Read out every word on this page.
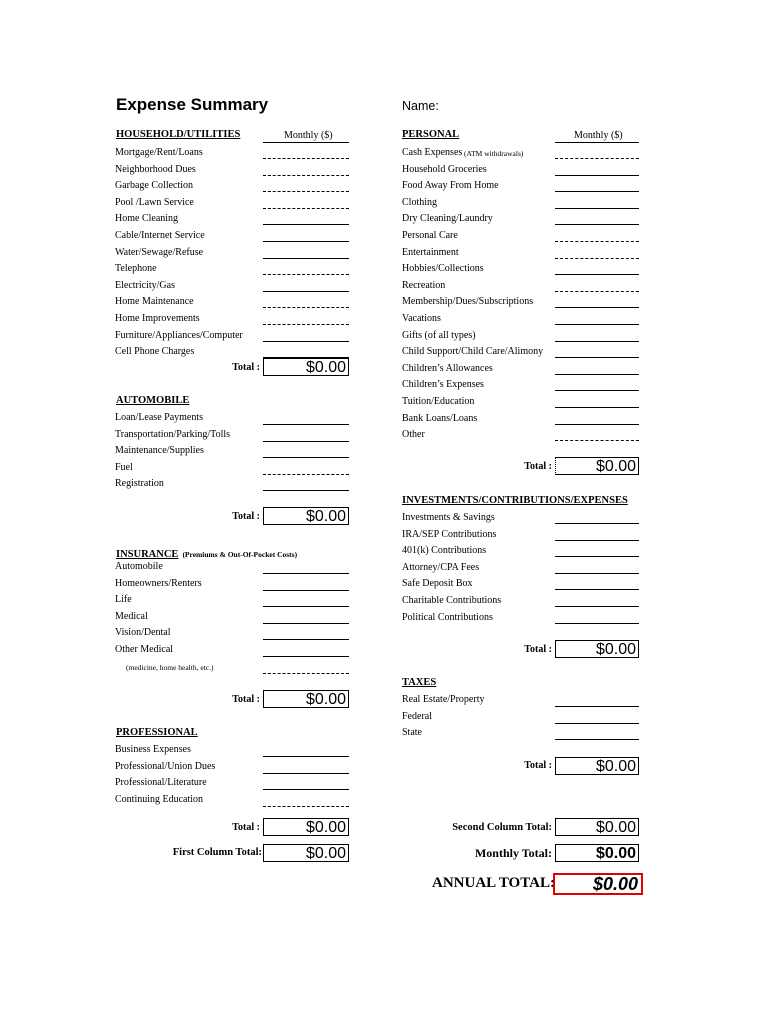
Expense Summary	Name:
HOUSEHOLD/UTILITIES	Monthly ($)
Mortgage/Rent/Loans
Neighborhood Dues
Garbage Collection
Pool /Lawn Service
Home Cleaning
Cable/Internet Service
Water/Sewage/Refuse
Telephone
Electricity/Gas
Home Maintenance
Home Improvements
Furniture/Appliances/Computer
Cell Phone Charges
Total :	$0.00
AUTOMOBILE
Loan/Lease Payments
Transportation/Parking/Tolls
Maintenance/Supplies
Fuel
Registration
Total :	$0.00
INSURANCE (Premiums & Out-Of-Pocket Costs)
Automobile
Homeowners/Renters
Life
Medical
Vision/Dental
Other Medical
(medicine, home health, etc.)
Total :	$0.00
PROFESSIONAL
Business Expenses
Professional/Union Dues
Professional/Literature
Continuing Education
Total :	$0.00
First Column Total:	$0.00
PERSONAL	Monthly ($)
Cash Expenses
Household Groceries
Food Away From Home
Clothing
Dry Cleaning/Laundry
Personal Care
Entertainment
Hobbies/Collections
Recreation
Membership/Dues/Subscriptions
Vacations
Gifts (of all types)
Child Support/Child Care/Alimony
Children’s Allowances
Children’s Expenses
Tuition/Education
Bank Loans/Loans
Other
(ATM withdrawals)
Total :	$0.00
INVESTMENTS/CONTRIBUTIONS/EXPENSES
Investments & Savings
IRA/SEP Contributions
401(k) Contributions
Attorney/CPA Fees
Safe Deposit Box
Charitable Contributions
Political Contributions
Total :	$0.00
TAXES
Real Estate/Property
Federal
State
Total :	$0.00
Second Column Total:	$0.00
Monthly Total:	$0.00
ANNUAL TOTAL:	$0.00
